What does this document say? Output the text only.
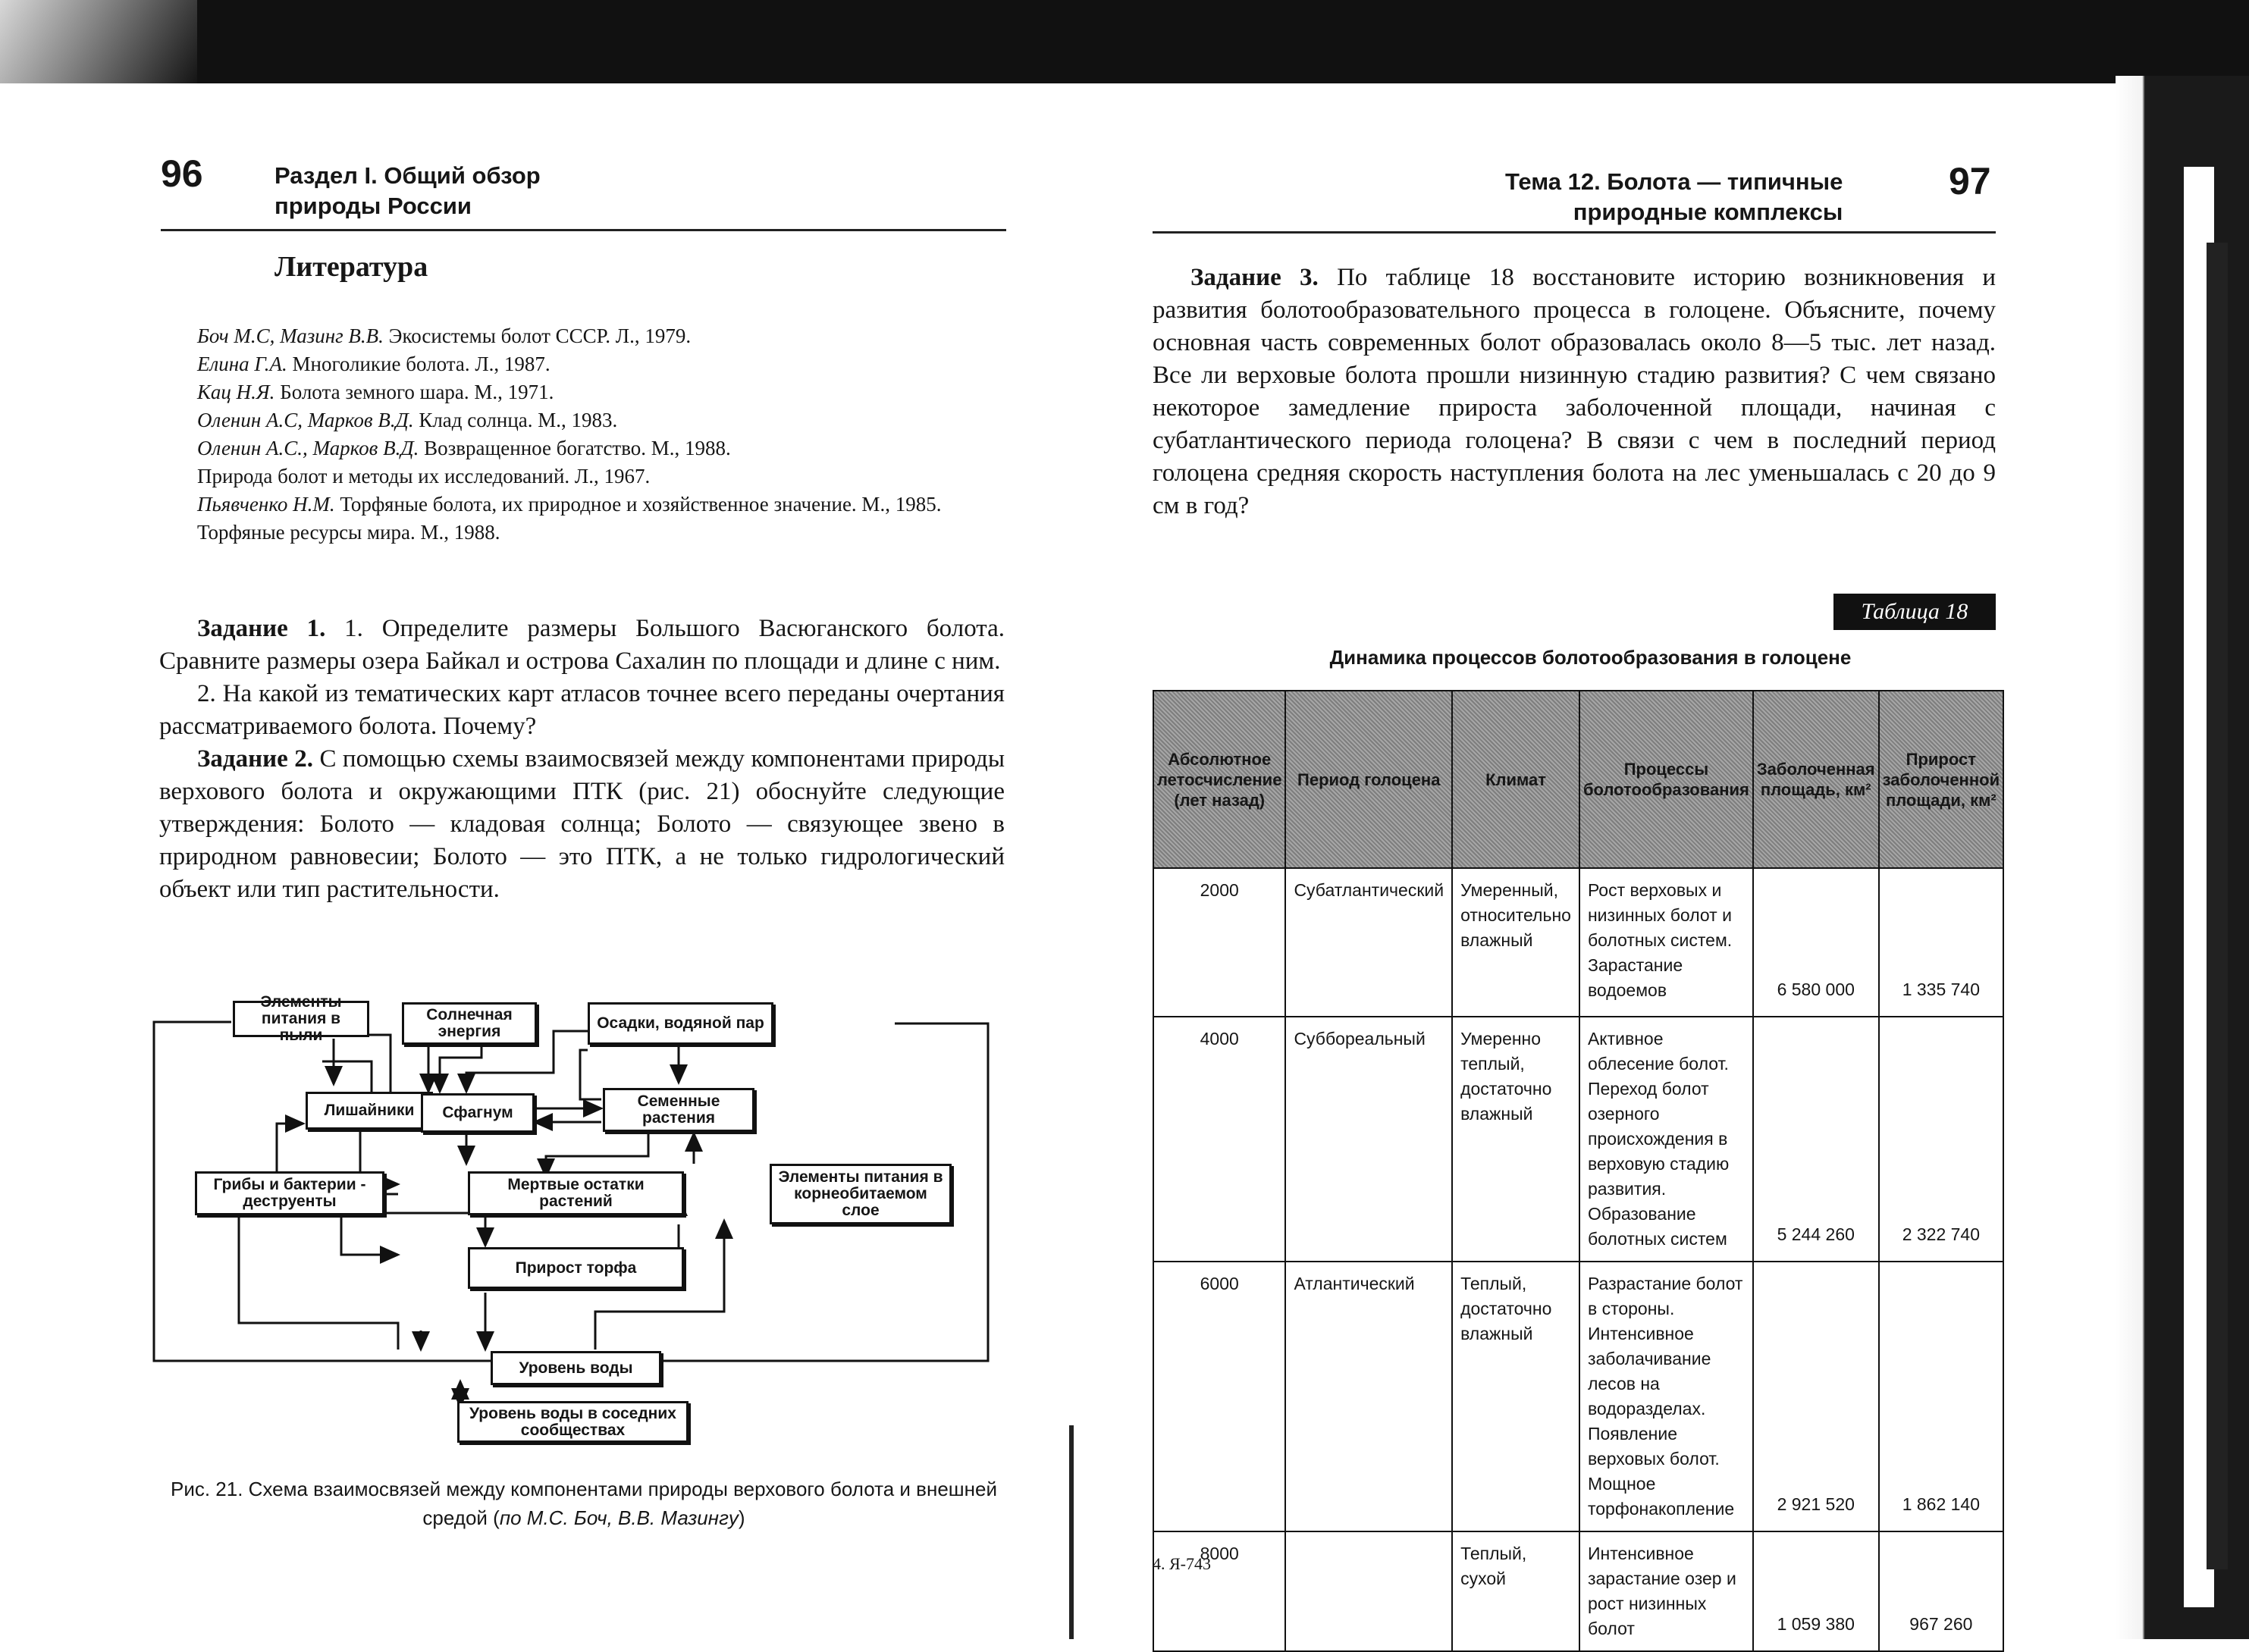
96	Раздел I. Общий обзор
природы России
Литература

Боч М.С, Мазинг В.В. Экосистемы болот СССР. Л., 1979.

Елина Г.А. Многоликие болота. Л., 1987.

Кац Н.Я. Болота земного шара. М., 1971.

Оленин А.С, Марков В.Д. Клад солнца. М., 1983.

Оленин А.С., Марков В.Д. Возвращенное богатство. М., 1988.

Природа болот и методы их исследований. Л., 1967.

Пьявченко Н.М. Торфяные болота, их природное и хозяйственное значение. М., 1985.

Торфяные ресурсы мира. М., 1988.

Задание 1. 1. Определите размеры Большого Васюганского болота. Сравните размеры озера Байкал и острова Сахалин по площади и длине с ним.

2. На какой из тематических карт атласов точнее всего переданы очертания рассматриваемого болота. Почему?

Задание 2. С помощью схемы взаимосвязей между компонентами природы верхового болота и окружающими ПТК (рис. 21) обоснуйте следующие утверждения: Болото — кладовая солнца; Болото — связующее звено в природном равновесии; Болото — это ПТК, а не только гидрологический объект или тип растительности.

Элементы питания в пыли
Солнечная энергия	Осадки, водяной пар
Лишайники	Сфагнум
Семенные растения
Грибы и бактерии - деструенты
Мертвые остатки растений
Элементы питания в корнеобитаемом слое
Прирост торфа
Уровень воды
Уровень воды в соседних сообществах
Рис. 21. Схема взаимосвязей между компонентами природы верхового болота и внешней средой (по М.С. Боч, В.В. Мазингу)
Тема 12. Болота — типичные
природные комплексы
97

Задание 3. По таблице 18 восстановите историю возникновения и развития болотообразовательного процесса в голоцене. Объясните, почему основная часть современных болот образовалась около 8—5 тыс. лет назад. Все ли верховые болота прошли низинную стадию развития? С чем связано некоторое замедление прироста заболоченной площади, начиная с субатлантического периода голоцена? В связи с чем в последний период голоцена средняя скорость наступления болота на лес уменьшалась с 20 до 9 см в год?

Таблица 18
Динамика процессов болотообразования в голоцене
Абсолютное летосчисление (лет назад)	Период голоцена	Климат	Процессы болотообразования	Заболоченная площадь, км²	Прирост заболоченной площади, км²
2000	Субатлантический	Умеренный, относительно влажный	Рост верховых и низинных болот и болотных систем. Зарастание водоемов	6 580 000	1 335 740
4000	Суббореальный	Умеренно теплый, достаточно влажный	Активное облесение болот. Переход болот озерного происхождения в верховую стадию развития. Образование болотных систем	5 244 260	2 322 740
6000	Атлантический	Теплый, достаточно влажный	Разрастание болот в стороны. Интенсивное заболачивание лесов на водоразделах. Появление верховых болот. Мощное торфонакопление	2 921 520	1 862 140
8000		Теплый, сухой	Интенсивное зарастание озер и рост низинных болот	1 059 380	967 260
4. Я-743
